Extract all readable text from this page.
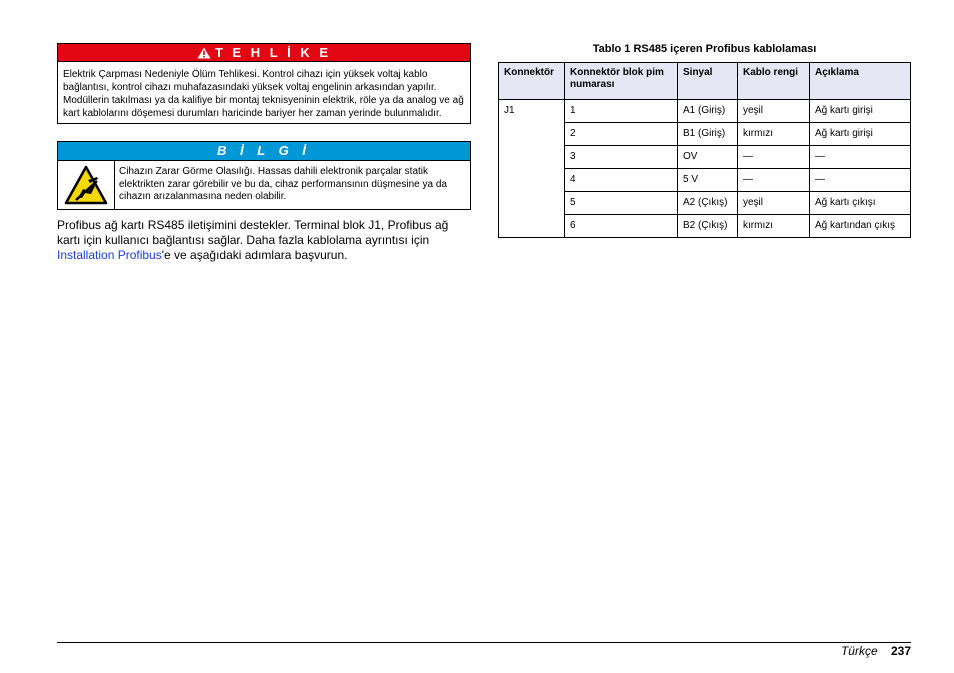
T E H L İ K E
Elektrik Çarpması Nedeniyle Ölüm Tehlikesi. Kontrol cihazı için yüksek voltaj kablo bağlantısı, kontrol cihazı muhafazasındaki yüksek voltaj engelinin arkasından yapılır. Modüllerin takılması ya da kalifiye bir montaj teknisyeninin elektrik, röle ya da analog ve ağ kart kablolarını döşemesi durumları haricinde bariyer her zaman yerinde bulunmalıdır.
B İ L G İ
Cihazın Zarar Görme Olasılığı. Hassas dahili elektronik parçalar statik elektrikten zarar görebilir ve bu da, cihaz performansının düşmesine ya da cihazın arızalanmasına neden olabilir.
Profibus ağ kartı RS485 iletişimini destekler. Terminal blok J1, Profibus ağ kartı için kullanıcı bağlantısı sağlar. Daha fazla kablolama ayrıntısı için Installation Profibus'e ve aşağıdaki adımlara başvurun.
Tablo 1 RS485 içeren Profibus kablolaması
Konnektör	Konnektör blok pim numarası	Sinyal	Kablo rengi	Açıklama
J1	1	A1 (Giriş)	yeşil	Ağ kartı girişi
	2	B1 (Giriş)	kırmızı	Ağ kartı girişi
	3	OV	—	—
	4	5 V	—	—
	5	A2 (Çıkış)	yeşil	Ağ kartı çıkışı
	6	B2 (Çıkış)	kırmızı	Ağ kartından çıkış
Türkçe 237
